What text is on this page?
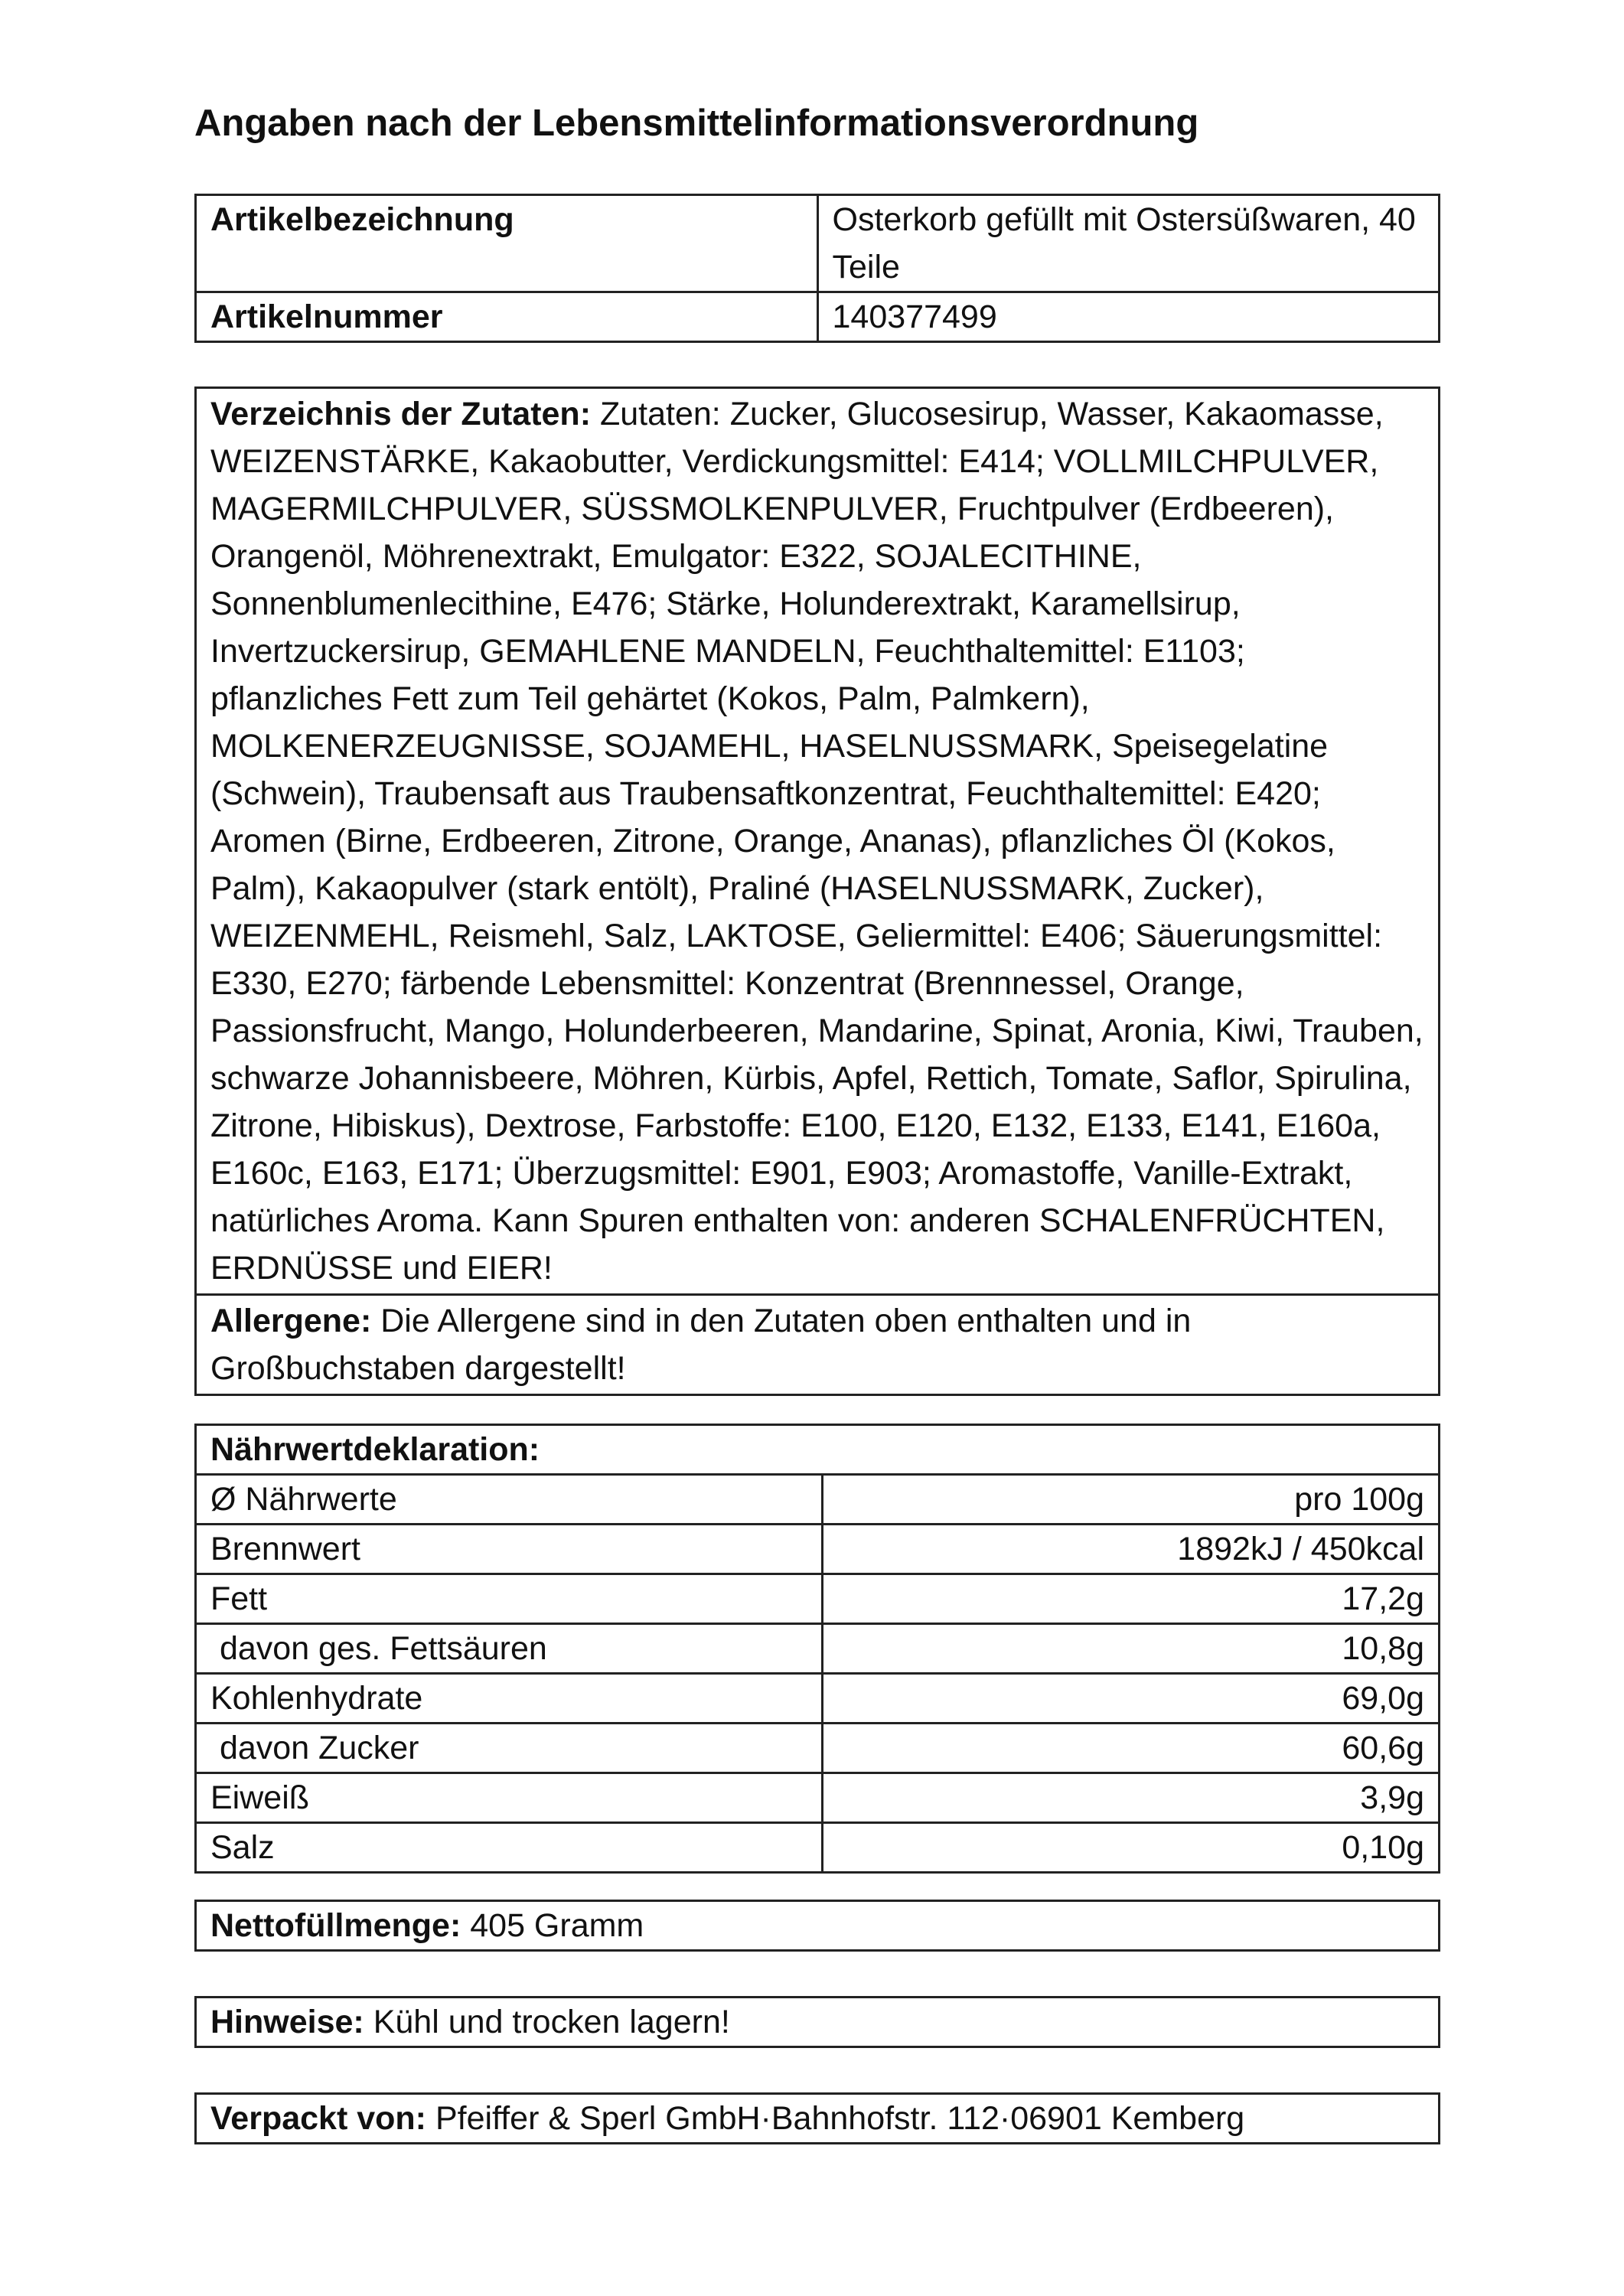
Angaben nach der Lebensmittelinformationsverordnung
Artikelbezeichnung	Osterkorb gefüllt mit Ostersüßwaren, 40 Teile
Artikelnummer	140377499
Verzeichnis der Zutaten: Zutaten: Zucker, Glucosesirup, Wasser, Kakaomasse, WEIZENSTÄRKE, Kakaobutter, Verdickungsmittel: E414; VOLLMILCHPULVER, MAGERMILCHPULVER, SÜSSMOLKENPULVER, Fruchtpulver (Erdbeeren), Orangenöl, Möhrenextrakt, Emulgator: E322, SOJALECITHINE, Sonnenblumenlecithine, E476; Stärke, Holunderextrakt, Karamellsirup, Invertzuckersirup, GEMAHLENE MANDELN, Feuchthaltemittel: E1103; pflanzliches Fett zum Teil gehärtet (Kokos, Palm, Palmkern), MOLKENERZEUGNISSE, SOJAMEHL, HASELNUSSMARK, Speisegelatine (Schwein), Traubensaft aus Traubensaftkonzentrat, Feuchthaltemittel: E420; Aromen (Birne, Erdbeeren, Zitrone, Orange, Ananas), pflanzliches Öl (Kokos, Palm), Kakaopulver (stark entölt), Praliné (HASELNUSSMARK, Zucker), WEIZENMEHL, Reismehl, Salz, LAKTOSE, Geliermittel: E406; Säuerungsmittel: E330, E270; färbende Lebensmittel: Konzentrat (Brennnessel, Orange, Passionsfrucht, Mango, Holunderbeeren, Mandarine, Spinat, Aronia, Kiwi, Trauben, schwarze Johannisbeere, Möhren, Kürbis, Apfel, Rettich, Tomate, Saflor, Spirulina, Zitrone, Hibiskus), Dextrose, Farbstoffe: E100, E120, E132, E133, E141, E160a, E160c, E163, E171; Überzugsmittel: E901, E903; Aromastoffe, Vanille-Extrakt, natürliches Aroma. Kann Spuren enthalten von: anderen SCHALENFRÜCHTEN, ERDNÜSSE und EIER!
Allergene: Die Allergene sind in den Zutaten oben enthalten und in Großbuchstaben dargestellt!
Nährwertdeklaration:	
Ø Nährwerte	pro 100g
Brennwert	1892kJ / 450kcal
Fett	17,2g
davon ges. Fettsäuren	10,8g
Kohlenhydrate	69,0g
davon Zucker	60,6g
Eiweiß	3,9g
Salz	0,10g
Nettofüllmenge: 405 Gramm
Hinweise: Kühl und trocken lagern!
Verpackt von: Pfeiffer & Sperl GmbH·Bahnhofstr. 112·06901 Kemberg
